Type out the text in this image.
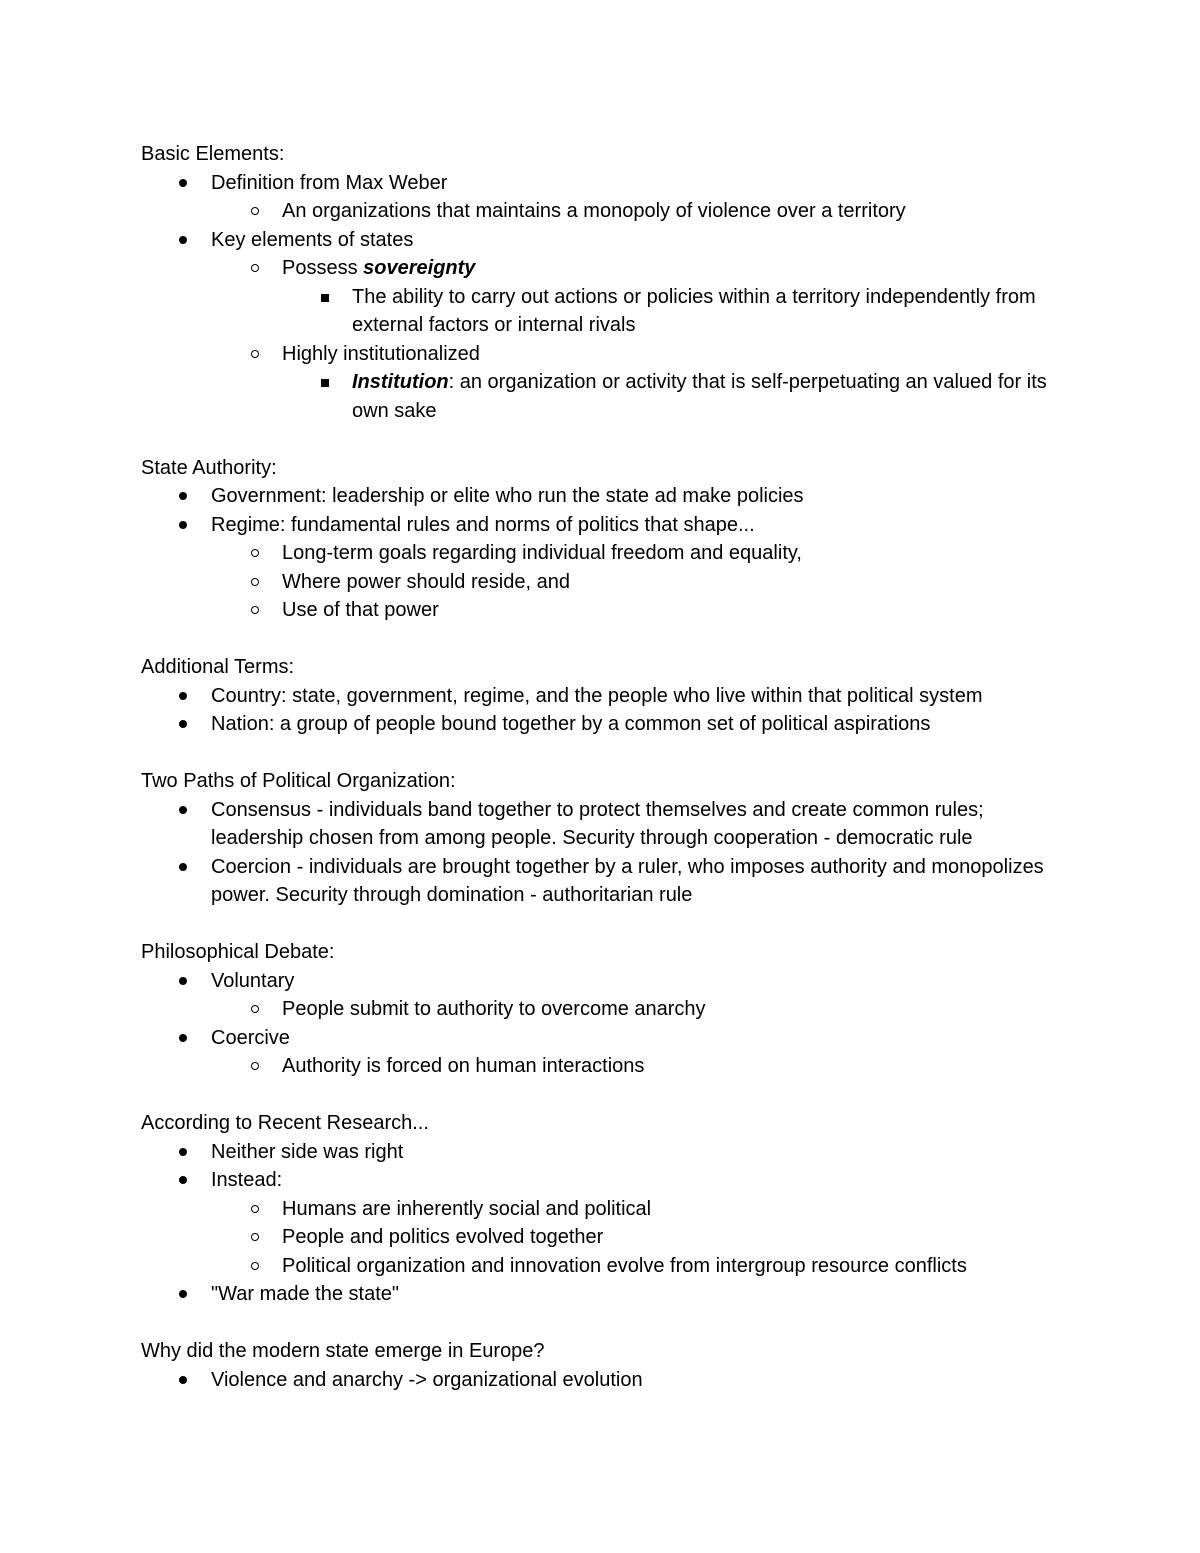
Basic Elements:

Definition from Max Weber
An organizations that maintains a monopoly of violence over a territory
Key elements of states
Possess sovereignty
The ability to carry out actions or policies within a territory independently from external factors or internal rivals
Highly institutionalized
Institution: an organization or activity that is self-perpetuating an valued for its own sake

State Authority:

Government: leadership or elite who run the state ad make policies
Regime: fundamental rules and norms of politics that shape...
Long-term goals regarding individual freedom and equality,
Where power should reside, and
Use of that power

Additional Terms:

Country: state, government, regime, and the people who live within that political system
Nation: a group of people bound together by a common set of political aspirations

Two Paths of Political Organization:

Consensus - individuals band together to protect themselves and create common rules; leadership chosen from among people. Security through cooperation - democratic rule
Coercion - individuals are brought together by a ruler, who imposes authority and monopolizes power. Security through domination - authoritarian rule

Philosophical Debate:

Voluntary
People submit to authority to overcome anarchy
Coercive
Authority is forced on human interactions

According to Recent Research...

Neither side was right
Instead:
Humans are inherently social and political
People and politics evolved together
Political organization and innovation evolve from intergroup resource conflicts
"War made the state"

Why did the modern state emerge in Europe?

Violence and anarchy -> organizational evolution
